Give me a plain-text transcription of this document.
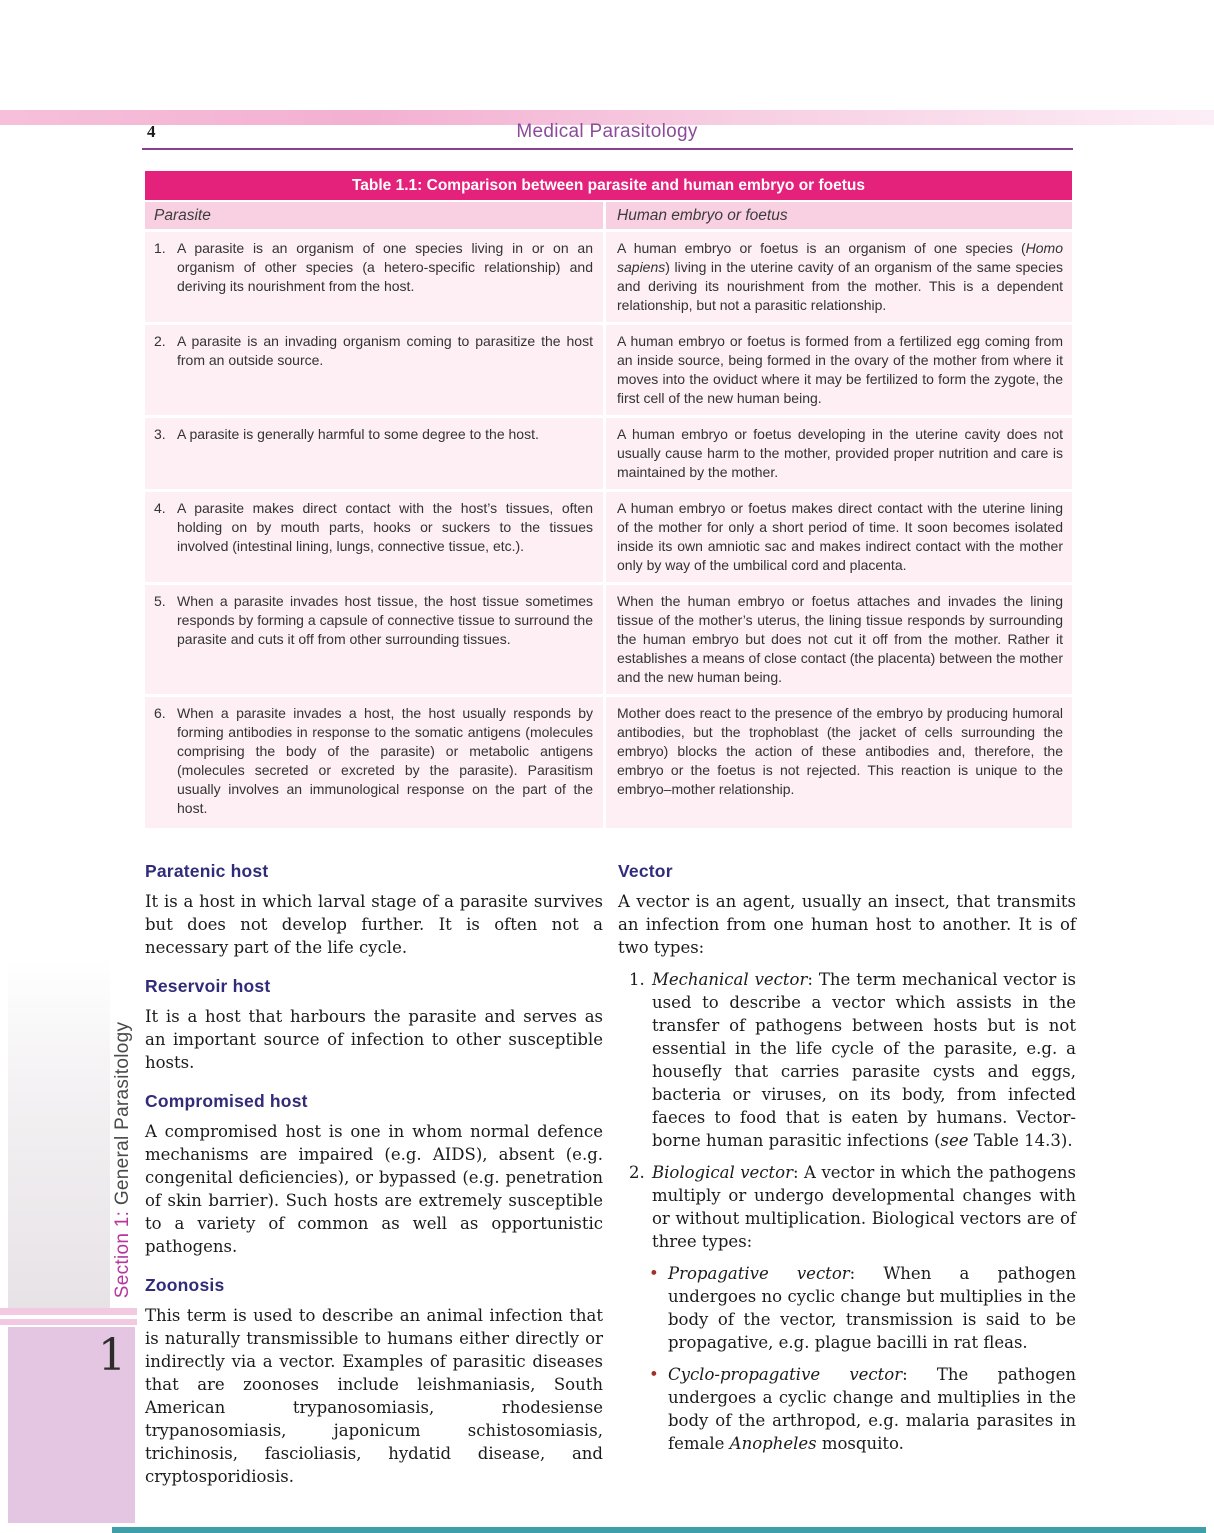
4	Medical Parasitology
Table 1.1: Comparison between parasite and human embryo or foetus
Parasite	Human embryo or foetus
1. A parasite is an organism of one species living in or on an organism of other species (a hetero-specific relationship) and deriving its nourishment from the host.
A human embryo or foetus is an organism of one species (Homo sapiens) living in the uterine cavity of an organism of the same species and deriving its nourishment from the mother. This is a dependent relationship, but not a parasitic relationship.
2. A parasite is an invading organism coming to parasitize the host from an outside source.
A human embryo or foetus is formed from a fertilized egg coming from an inside source, being formed in the ovary of the mother from where it moves into the oviduct where it may be fertilized to form the zygote, the first cell of the new human being.
3. A parasite is generally harmful to some degree to the host.	A human embryo or foetus developing in the uterine cavity does not usually cause harm to the mother, provided proper nutrition and care is maintained by the mother.
4. A parasite makes direct contact with the host’s tissues, often holding on by mouth parts, hooks or suckers to the tissues involved (intestinal lining, lungs, connective tissue, etc.).
A human embryo or foetus makes direct contact with the uterine lining of the mother for only a short period of time. It soon becomes isolated inside its own amniotic sac and makes indirect contact with the mother only by way of the umbilical cord and placenta.
5. When a parasite invades host tissue, the host tissue sometimes responds by forming a capsule of connective tissue to surround the parasite and cuts it off from other surrounding tissues.
When the human embryo or foetus attaches and invades the lining tissue of the mother’s uterus, the lining tissue responds by surrounding the human embryo but does not cut it off from the mother. Rather it establishes a means of close contact (the placenta) between the mother and the new human being.
6. When a parasite invades a host, the host usually responds by forming antibodies in response to the somatic antigens (molecules comprising the body of the parasite) or metabolic antigens (molecules secreted or excreted by the parasite). Parasitism usually involves an immunological response on the part of the host.
Mother does react to the presence of the embryo by producing humoral antibodies, but the trophoblast (the jacket of cells surrounding the embryo) blocks the action of these antibodies and, therefore, the embryo or the foetus is not rejected. This reaction is unique to the embryo–mother relationship.
Paratenic host

It is a host in which larval stage of a parasite survives but does not develop further. It is often not a necessary part of the life cycle.

Reservoir host

It is a host that harbours the parasite and serves as an important source of infection to other susceptible hosts.

Compromised host

A compromised host is one in whom normal defence mechanisms are impaired (e.g. AIDS), absent (e.g. congenital deficiencies), or bypassed (e.g. penetration of skin barrier). Such hosts are extremely susceptible to a variety of common as well as opportunistic pathogens.

Zoonosis

This term is used to describe an animal infection that is naturally transmissible to humans either directly or indirectly via a vector. Examples of parasitic diseases that are zoonoses include leishmaniasis, South American trypanosomiasis, rhodesiense trypanosomiasis, japonicum schistosomiasis, trichinosis, fascioliasis, hydatid disease, and cryptosporidiosis.

Vector

A vector is an agent, usually an insect, that transmits an infection from one human host to another. It is of two types:

1. Mechanical vector: The term mechanical vector is used to describe a vector which assists in the transfer of pathogens between hosts but is not essential in the life cycle of the parasite, e.g. a housefly that carries parasite cysts and eggs, bacteria or viruses, on its body, from infected faeces to food that is eaten by humans. Vector-borne human parasitic infections (see Table 14.3).
2. Biological vector: A vector in which the pathogens multiply or undergo developmental changes with or without multiplication. Biological vectors are of three types:
• Propagative vector: When a pathogen undergoes no cyclic change but multiplies in the body of the vector, transmission is said to be propagative, e.g. plague bacilli in rat fleas.
• Cyclo-propagative vector: The pathogen undergoes a cyclic change and multiplies in the body of the arthropod, e.g. malaria parasites in female Anopheles mosquito.
Section 1: General Parasitology
1
